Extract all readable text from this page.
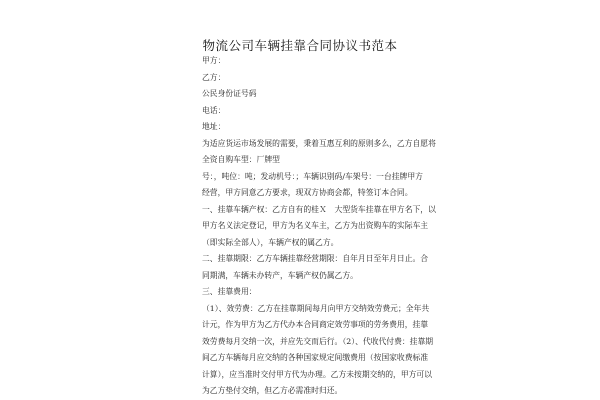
物流公司车辆挂靠合同协议书范本
甲方：
乙方：
公民身份证号码
电话：
地址：
为适应货运市场发展的需要，秉着互惠互利的原则多么，乙方自愿将
全资自购车型：厂牌型
号：，吨位：吨；发动机号：；车辆识别码/车架号：一台挂牌甲方
经营，甲方同意乙方要求，现双方协商会都，特签订本合同。
一、挂靠车辆产权：乙方自有的桂Ｘ　大型货车挂靠在甲方名下，以
甲方名义法定登记，甲方为名义车主，乙方为出资购车的实际车主
（即实际全部人），车辆产权的属乙方。
二、挂靠期限：乙方车辆挂靠经营期限：自年月日至年月日止。合
同期满，车辆未办转产，车辆产权仍属乙方。
三、挂靠费用：
（1）、效劳费：乙方在挂靠期间每月向甲方交纳效劳费元；全年共
计元，作为甲方为乙方代办本合同商定效劳事项的劳务费用，挂靠
效劳费每月交纳一次，并应先交而后行。（2）、代收代付费：挂靠期
间乙方车辆每月应交纳的各种国家规定间缴费用（按国家收费标准
计算），应当准时交付甲方代为办理。乙方未按期交纳的，甲方可以
为乙方垫付交纳，但乙方必需准时归还。
